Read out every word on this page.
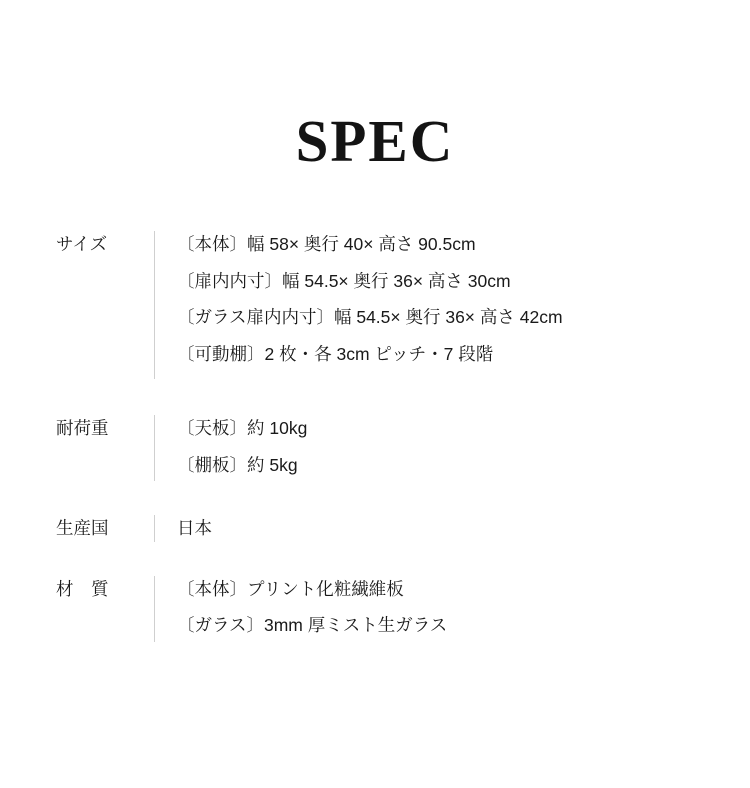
SPEC
サイズ	〔本体〕幅 58× 奥行 40× 高さ 90.5cm
〔扉内内寸〕幅 54.5× 奥行 36× 高さ 30cm
〔ガラス扉内内寸〕幅 54.5× 奥行 36× 高さ 42cm
〔可動棚〕2 枚・各 3cm ピッチ・7 段階
耐荷重	〔天板〕約 10kg
〔棚板〕約 5kg
生産国	日本
材　質	〔本体〕プリント化粧繊維板
〔ガラス〕3mm 厚ミスト生ガラス
